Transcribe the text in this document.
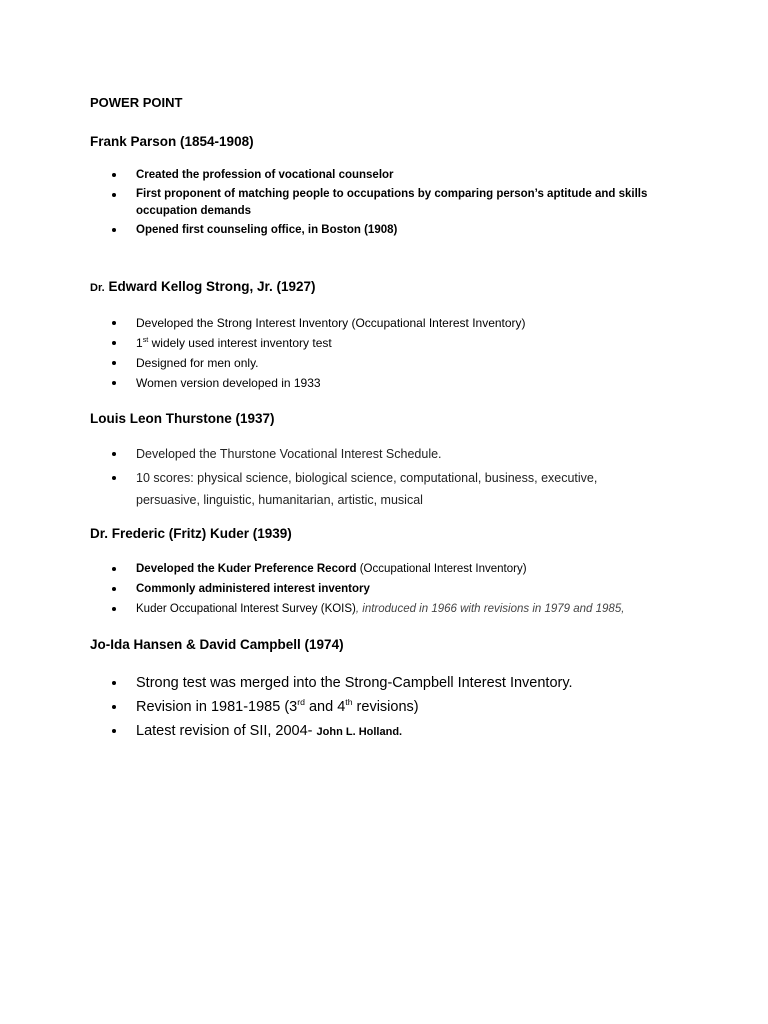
POWER POINT
Frank Parson (1854-1908)
Created the profession of vocational counselor
First proponent of matching people to occupations by comparing person’s aptitude and skills occupation demands
Opened first counseling office, in Boston (1908)
Dr. Edward Kellog Strong, Jr. (1927)
Developed the Strong Interest Inventory (Occupational Interest Inventory)
1st widely used interest inventory test
Designed for men only.
Women version developed in 1933
Louis Leon Thurstone (1937)
Developed the Thurstone Vocational Interest Schedule.
10 scores: physical science, biological science, computational, business, executive, persuasive, linguistic, humanitarian, artistic, musical
Dr. Frederic (Fritz) Kuder (1939)
Developed the Kuder Preference Record (Occupational Interest Inventory)
Commonly administered interest inventory
Kuder Occupational Interest Survey (KOIS), introduced in 1966 with revisions in 1979 and 1985,
Jo-Ida Hansen & David Campbell (1974)
Strong test was merged into the Strong-Campbell Interest Inventory.
Revision in 1981-1985 (3rd and 4th revisions)
Latest revision of SII, 2004- John L. Holland.
